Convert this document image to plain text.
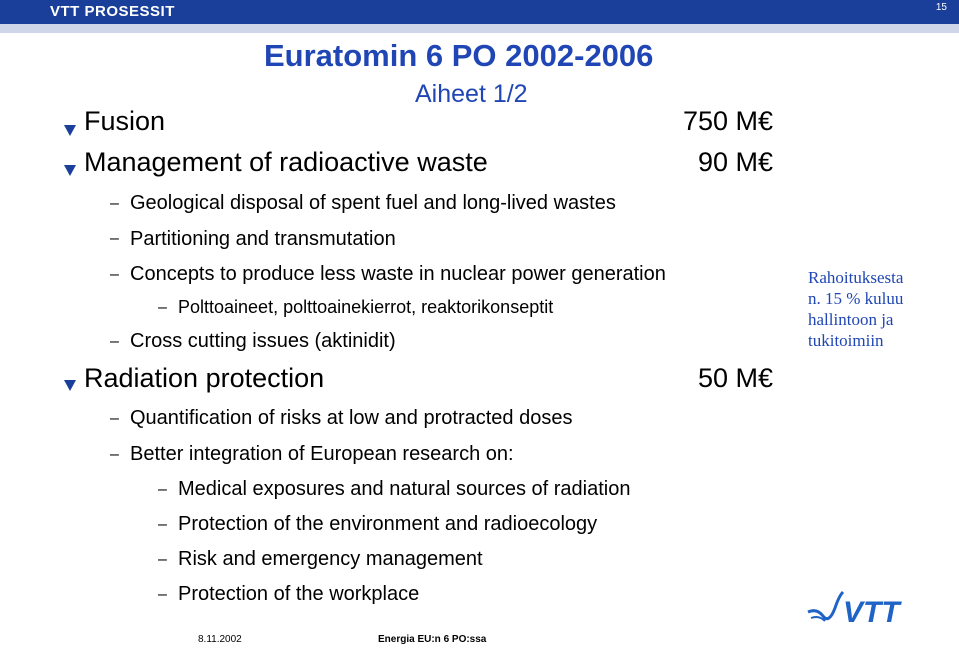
VTT PROSESSIT	15
Euratomin 6 PO 2002-2006
Aiheet 1/2
Fusion	750 M€
Management of radioactive waste	90 M€
– Geological disposal of spent fuel and long-lived wastes
– Partitioning and transmutation
– Concepts to produce less waste in nuclear power generation
– Polttoaineet, polttoainekierrot, reaktorikonseptit
– Cross cutting issues (aktinidit)
Radiation protection	50 M€
– Quantification of risks at low and protracted doses
– Better integration of European research on:
– Medical exposures and natural sources of radiation
– Protection of the environment and radioecology
– Risk and emergency management
– Protection of the workplace
Rahoituksesta
n. 15 % kuluu
hallintoon ja
tukitoimiin
VTT
8.11.2002	Energia EU:n 6 PO:ssa
